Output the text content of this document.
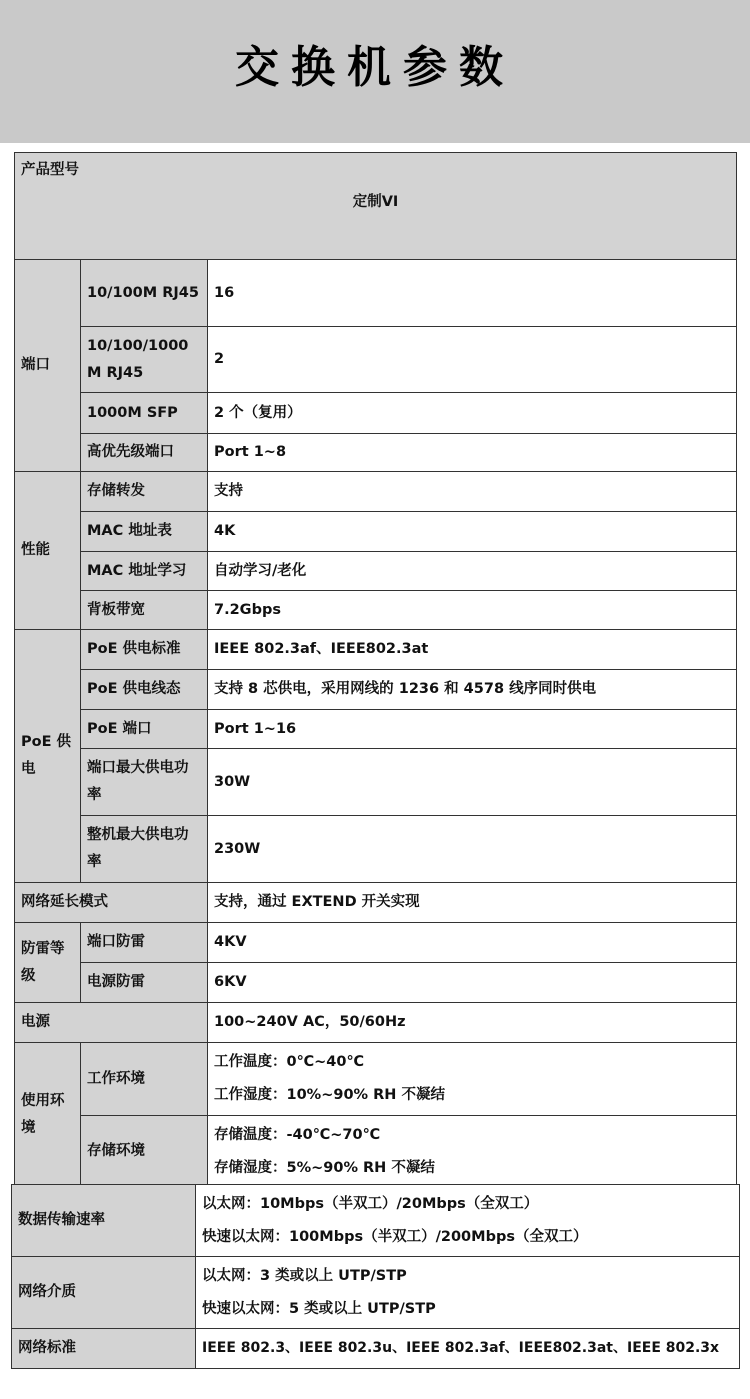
交换机参数
产品型号
定制VI		

端口	10/100M RJ45	16
	10/100/1000 M RJ45	2
	1000M SFP	2 个（复用）
	高优先级端口	Port 1~8
性能	存储转发	支持
	MAC 地址表	4K
	MAC 地址学习	自动学习/老化
	背板带宽	7.2Gbps
PoE 供电	PoE 供电标准	IEEE 802.3af、IEEE802.3at
	PoE 供电线态	支持 8 芯供电，采用网线的 1236 和 4578 线序同时供电
	PoE 端口	Port 1~16
	端口最大供电功率	30W
	整机最大供电功率	230W
网络延长模式		支持，通过 EXTEND 开关实现
防雷等级	端口防雷	4KV
	电源防雷	6KV
电源		100~240V AC，50/60Hz
使用环境	工作环境	工作温度：0℃~40℃
工作湿度：10%~90% RH 不凝结

	存储环境	存储温度：-40℃~70℃
存储湿度：5%~90% RH 不凝结
数据传输速率	以太网：10Mbps（半双工）/20Mbps（全双工）
快速以太网：100Mbps（半双工）/200Mbps（全双工）

网络介质	以太网：3 类或以上 UTP/STP
快速以太网：5 类或以上 UTP/STP

网络标准	IEEE 802.3、IEEE 802.3u、IEEE 802.3af、IEEE802.3at、IEEE 802.3x
